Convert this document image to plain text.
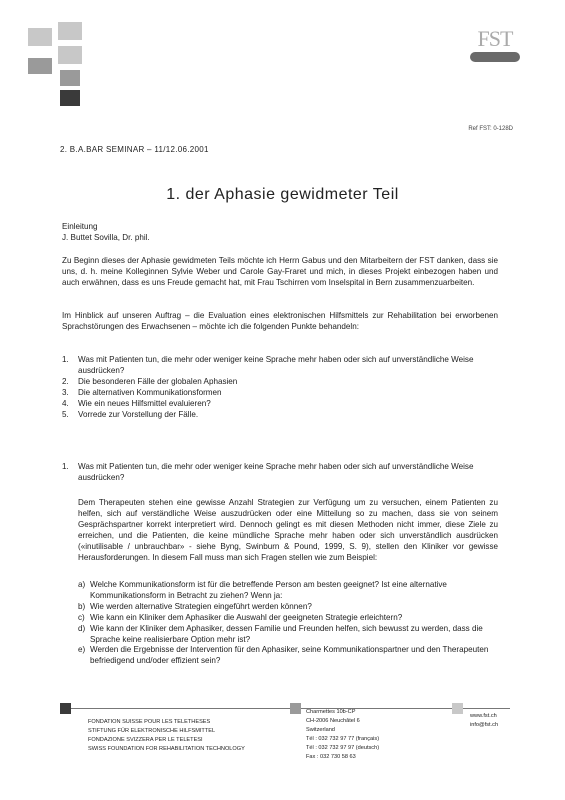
FST
Ref FST: 0-128D
2. B.A.BAR SEMINAR – 11/12.06.2001
1. der Aphasie gewidmeter Teil
Einleitung
J. Buttet Sovilla, Dr. phil.
Zu Beginn dieses der Aphasie gewidmeten Teils möchte ich Herrn Gabus und den Mitarbeitern der FST danken, dass sie uns, d. h. meine Kolleginnen Sylvie Weber und Carole Gay-Fraret und mich, in dieses Projekt einbezogen haben und auch erwähnen, dass es uns Freude gemacht hat, mit Frau Tschirren vom Inselspital in Bern zusammenzuarbeiten.
Im Hinblick auf unseren Auftrag – die Evaluation eines elektronischen Hilfsmittels zur Rehabilitation bei erworbenen Sprachstörungen des Erwachsenen – möchte ich die folgenden Punkte behandeln:
1. Was mit Patienten tun, die mehr oder weniger keine Sprache mehr haben oder sich auf unverständliche Weise ausdrücken?
2. Die besonderen Fälle der globalen Aphasien
3. Die alternativen Kommunikationsformen
4. Wie ein neues Hilfsmittel evaluieren?
5. Vorrede zur Vorstellung der Fälle.
1.	Was mit Patienten tun, die mehr oder weniger keine Sprache mehr haben oder sich auf unverständliche Weise ausdrücken?
Dem Therapeuten stehen eine gewisse Anzahl Strategien zur Verfügung um zu versuchen, einem Patienten zu helfen, sich auf verständliche Weise auszudrücken oder eine Mitteilung so zu machen, dass sie von seinem Gesprächspartner korrekt interpretiert wird. Dennoch gelingt es mit diesen Methoden nicht immer, diese Ziele zu erreichen, und die Patienten, die keine mündliche Sprache mehr haben oder sich unverständlich ausdrücken («inutilisable / unbrauchbar» - siehe Byng, Swinburn & Pound, 1999, S. 9), stellen den Kliniker vor gewisse Herausforderungen. In diesem Fall muss man sich Fragen stellen wie zum Beispiel:
a) Welche Kommunikationsform ist für die betreffende Person am besten geeignet? Ist eine alternative Kommunikationsform in Betracht zu ziehen? Wenn ja:
b) Wie werden alternative Strategien eingeführt werden können?
c) Wie kann ein Kliniker dem Aphasiker die Auswahl der geeigneten Strategie erleichtern?
d) Wie kann der Kliniker dem Aphasiker, dessen Familie und Freunden helfen, sich bewusst zu werden, dass die Sprache keine realisierbare Option mehr ist?
e) Werden die Ergebnisse der Intervention für den Aphasiker, seine Kommunikationspartner und den Therapeuten befriedigend und/oder effizient sein?
FONDATION SUISSE POUR LES TELETHESES
STIFTUNG FÜR ELEKTRONISCHE HILFSMITTEL
FONDAZIONE SVIZZERA PER LE TELETESI
SWISS FOUNDATION FOR REHABILITATION TECHNOLOGY
Charmettes 10b-CP
CH-2006 Neuchâtel 6
Switzerland
Tél : 032 732 97 77 (français)
Tél : 032 732 97 97 (deutsch)
Fax : 032 730 58 63
www.fst.ch
info@fst.ch
